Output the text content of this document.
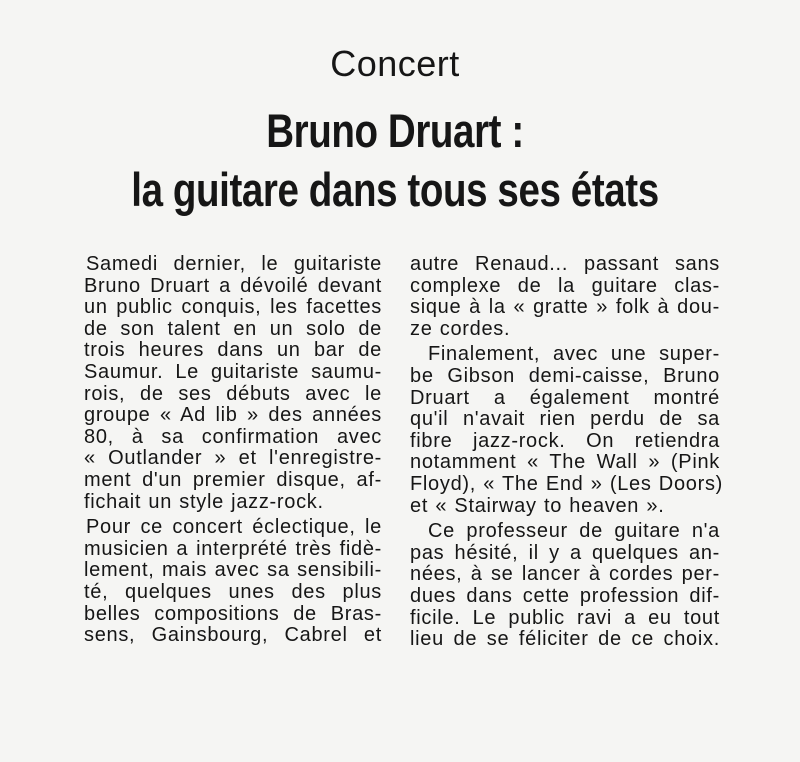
Concert
Bruno Druart :
la guitare dans tous ses états
Samedi dernier, le guitariste
Bruno Druart a dévoilé devant
un public conquis, les facettes
de son talent en un solo de
trois heures dans un bar de
Saumur. Le guitariste saumu-
rois, de ses débuts avec le
groupe « Ad lib » des années
80, à sa confirmation avec
« Outlander » et l'enregistre-
ment d'un premier disque, af-
fichait un style jazz-rock.
Pour ce concert éclectique, le
musicien a interprété très fidè-
lement, mais avec sa sensibili-
té, quelques unes des plus
belles compositions de Bras-
sens, Gainsbourg, Cabrel et
autre Renaud... passant sans
complexe de la guitare clas-
sique à la « gratte » folk à dou-
ze cordes.
Finalement, avec une super-
be Gibson demi-caisse, Bruno
Druart a également montré
qu'il n'avait rien perdu de sa
fibre jazz-rock. On retiendra
notamment « The Wall » (Pink
Floyd), « The End » (Les Doors)
et « Stairway to heaven ».
Ce professeur de guitare n'a
pas hésité, il y a quelques an-
nées, à se lancer à cordes per-
dues dans cette profession dif-
ficile. Le public ravi a eu tout
lieu de se féliciter de ce choix.
